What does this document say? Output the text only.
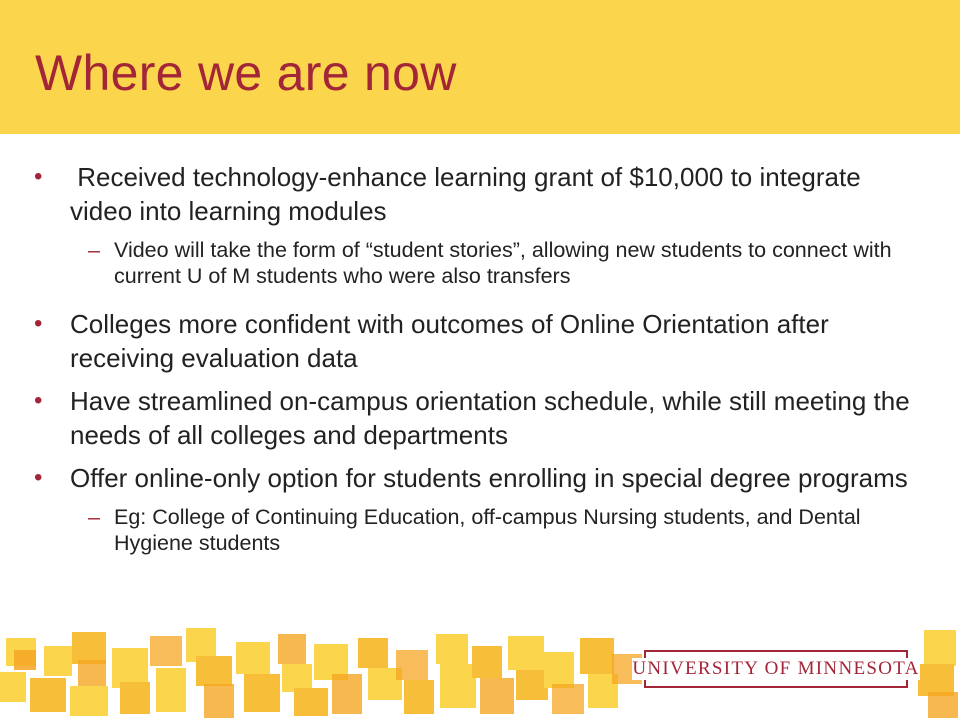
Where we are now
• Received technology-enhance learning grant of $10,000 to integrate video into learning modules
– Video will take the form of “student stories”, allowing new students to connect with current U of M students who were also transfers
• Colleges more confident with outcomes of Online Orientation after receiving evaluation data
• Have streamlined on-campus orientation schedule, while still meeting the needs of all colleges and departments
• Offer online-only option for students enrolling in special degree programs
– Eg: College of Continuing Education, off-campus Nursing students, and Dental Hygiene students
UNIVERSITY OF MINNESOTA
